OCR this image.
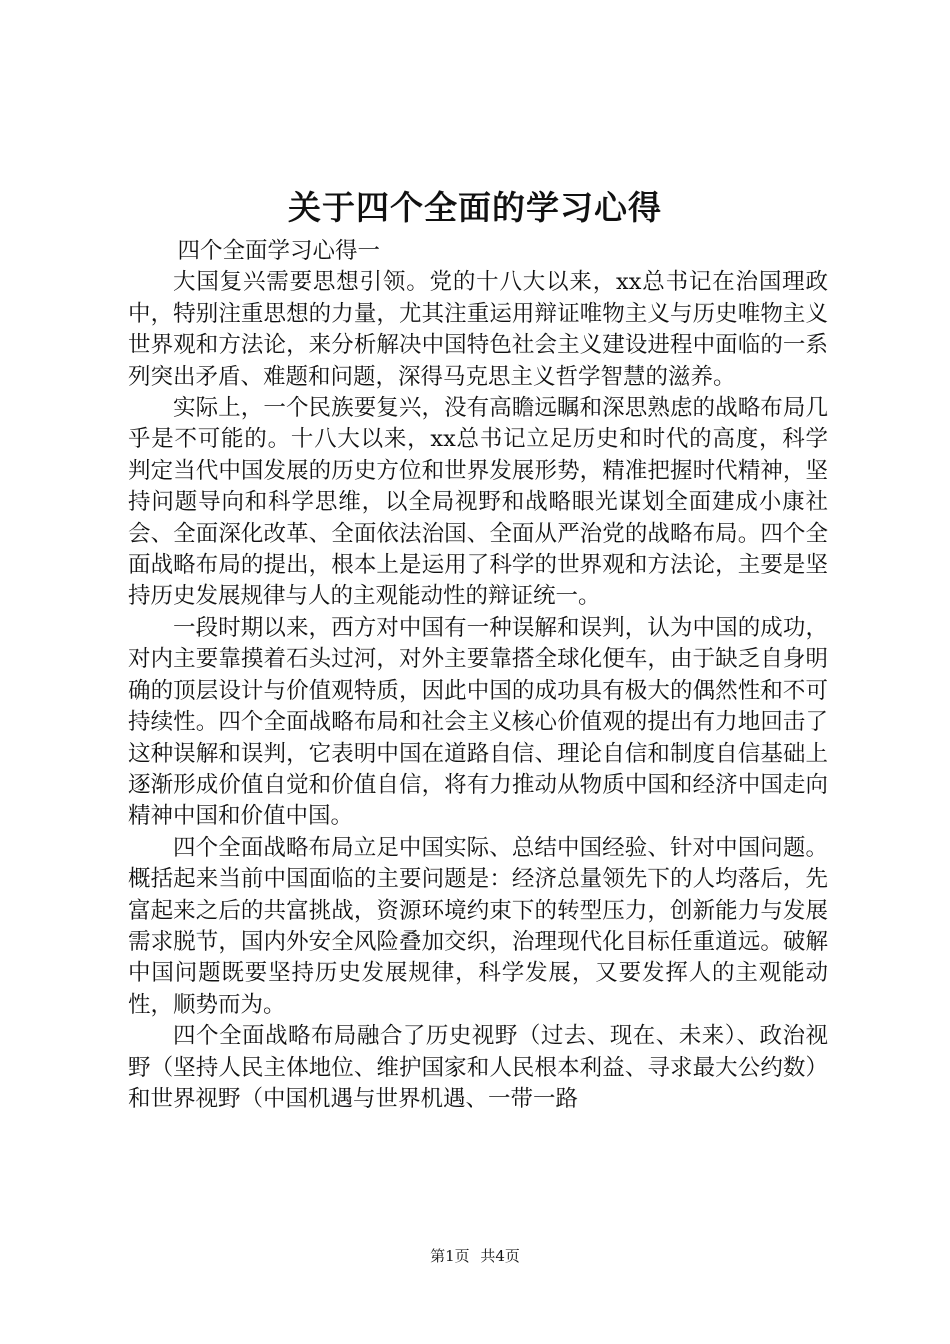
关于四个全面的学习心得

四个全面学习心得一

大国复兴需要思想引领。党的十八大以来，xx总书记在治国理政中，特别注重思想的力量，尤其注重运用辩证唯物主义与历史唯物主义世界观和方法论，来分析解决中国特色社会主义建设进程中面临的一系列突出矛盾、难题和问题，深得马克思主义哲学智慧的滋养。

实际上，一个民族要复兴，没有高瞻远瞩和深思熟虑的战略布局几乎是不可能的。十八大以来，xx总书记立足历史和时代的高度，科学判定当代中国发展的历史方位和世界发展形势，精准把握时代精神，坚持问题导向和科学思维，以全局视野和战略眼光谋划全面建成小康社会、全面深化改革、全面依法治国、全面从严治党的战略布局。四个全面战略布局的提出，根本上是运用了科学的世界观和方法论，主要是坚持历史发展规律与人的主观能动性的辩证统一。

一段时期以来，西方对中国有一种误解和误判，认为中国的成功，对内主要靠摸着石头过河，对外主要靠搭全球化便车，由于缺乏自身明确的顶层设计与价值观特质，因此中国的成功具有极大的偶然性和不可持续性。四个全面战略布局和社会主义核心价值观的提出有力地回击了这种误解和误判，它表明中国在道路自信、理论自信和制度自信基础上逐渐形成价值自觉和价值自信，将有力推动从物质中国和经济中国走向精神中国和价值中国。

四个全面战略布局立足中国实际、总结中国经验、针对中国问题。概括起来当前中国面临的主要问题是：经济总量领先下的人均落后，先富起来之后的共富挑战，资源环境约束下的转型压力，创新能力与发展需求脱节，国内外安全风险叠加交织，治理现代化目标任重道远。破解中国问题既要坚持历史发展规律，科学发展，又要发挥人的主观能动性，顺势而为。

四个全面战略布局融合了历史视野（过去、现在、未来）、政治视野（坚持人民主体地位、维护国家和人民根本利益、寻求最大公约数）和世界视野（中国机遇与世界机遇、一带一路

第1页 共4页
